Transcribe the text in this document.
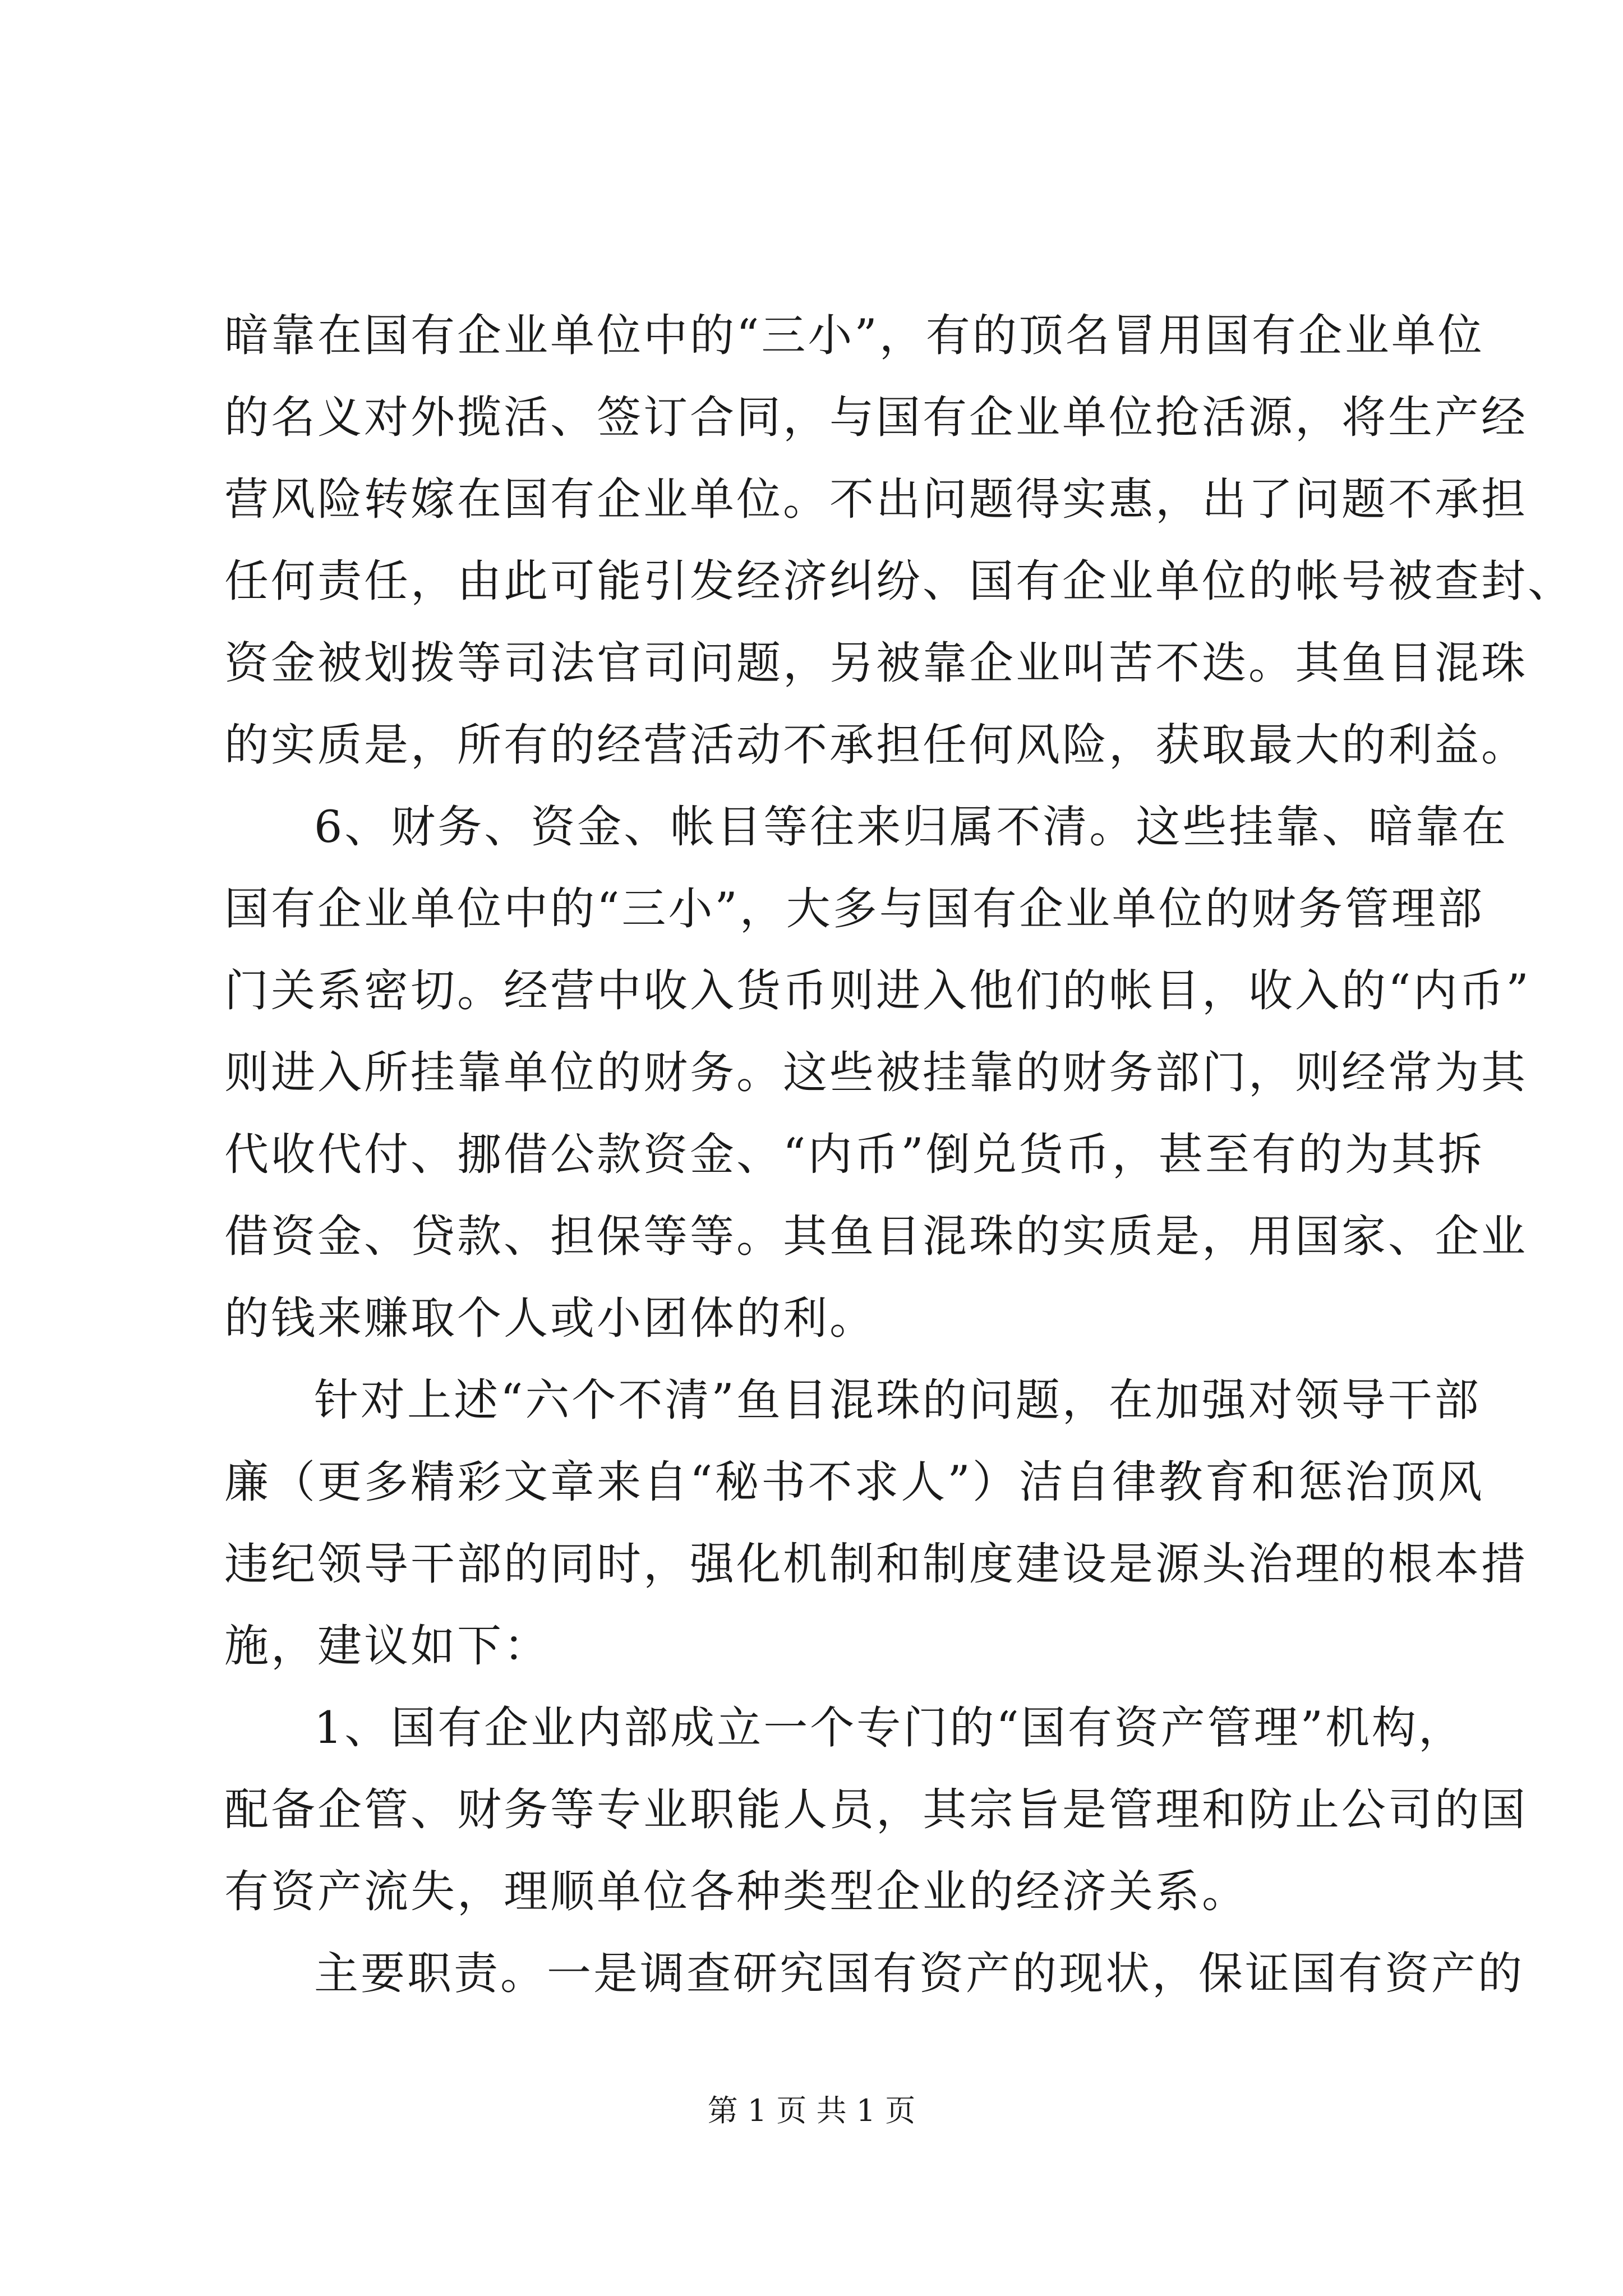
暗靠在国有企业单位中的“三小”，有的顶名冒用国有企业单位
的名义对外揽活、签订合同，与国有企业单位抢活源，将生产经
营风险转嫁在国有企业单位。不出问题得实惠，出了问题不承担
任何责任，由此可能引发经济纠纷、国有企业单位的帐号被查封、
资金被划拨等司法官司问题，另被靠企业叫苦不迭。其鱼目混珠
的实质是，所有的经营活动不承担任何风险，获取最大的利益。
6、财务、资金、帐目等往来归属不清。这些挂靠、暗靠在
国有企业单位中的“三小”，大多与国有企业单位的财务管理部
门关系密切。经营中收入货币则进入他们的帐目，收入的“内币”
则进入所挂靠单位的财务。这些被挂靠的财务部门，则经常为其
代收代付、挪借公款资金、“内币”倒兑货币，甚至有的为其拆
借资金、贷款、担保等等。其鱼目混珠的实质是，用国家、企业
的钱来赚取个人或小团体的利。
针对上述“六个不清”鱼目混珠的问题，在加强对领导干部
廉（更多精彩文章来自“秘书不求人”）洁自律教育和惩治顶风
违纪领导干部的同时，强化机制和制度建设是源头治理的根本措
施，建议如下：
1、国有企业内部成立一个专门的“国有资产管理”机构，
配备企管、财务等专业职能人员，其宗旨是管理和防止公司的国
有资产流失，理顺单位各种类型企业的经济关系。
主要职责。一是调查研究国有资产的现状，保证国有资产的
第 1 页 共 1 页
